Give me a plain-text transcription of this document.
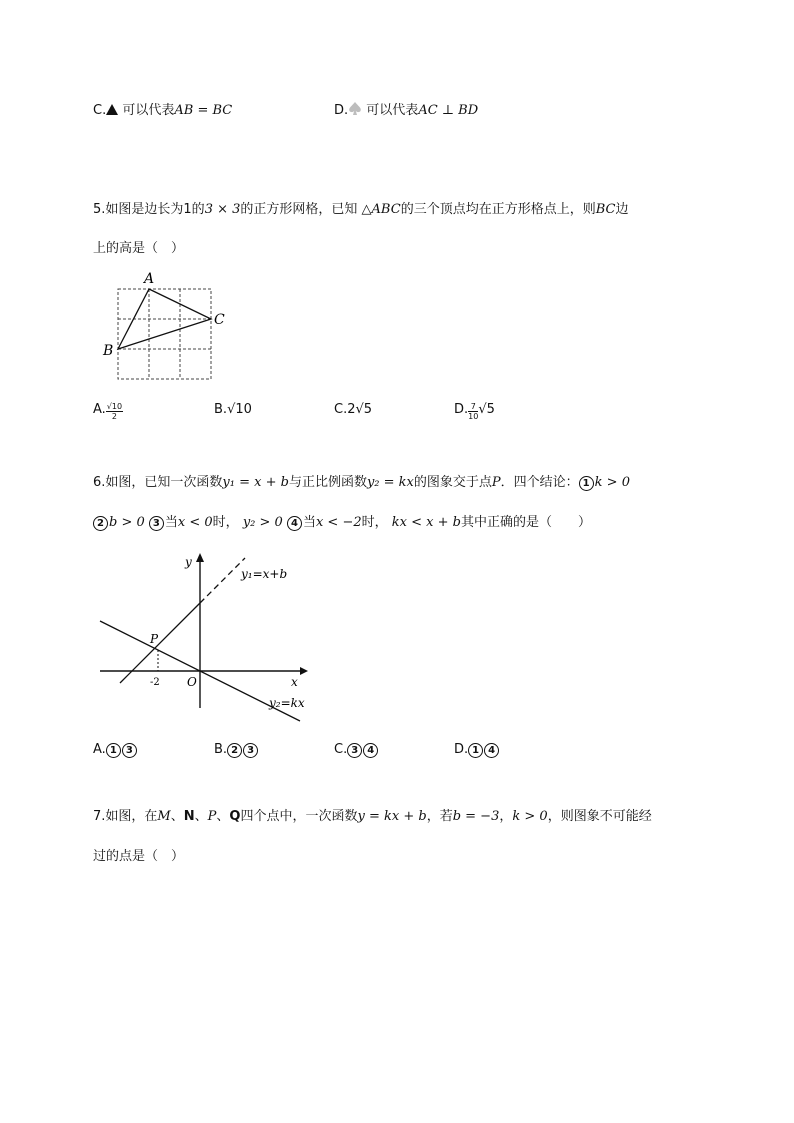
C. 可以代表AB = BC	D. 可以代表AC ⊥ BD
5.如图是边长为1的3 × 3的正方形网格，已知 △ABC的三个顶点均在正方形格点上，则BC边
上的高是（　）
A
B
C
A. $\frac{√10}{2}$	B.√10	C.2√5	D. $\frac{7}{10} √5$
6.如图，已知一次函数y₁ = x + b与正比例函数y₂ = kx的图象交于点P．四个结论： 1 k > 0
2 b > 0 3 当x < 0时， y₂ > 0 4 当x < −2时， kx < x + b其中正确的是（　　）
y
x
O
P
-2
y₁=x+b
y₂=kx
A. 1 3	B. 2 3	C. 3 4	D. 1 4
7.如图，在M、N、P、Q四个点中，一次函数y = kx + b，若b = −3，k > 0，则图象不可能经
过的点是（　）
